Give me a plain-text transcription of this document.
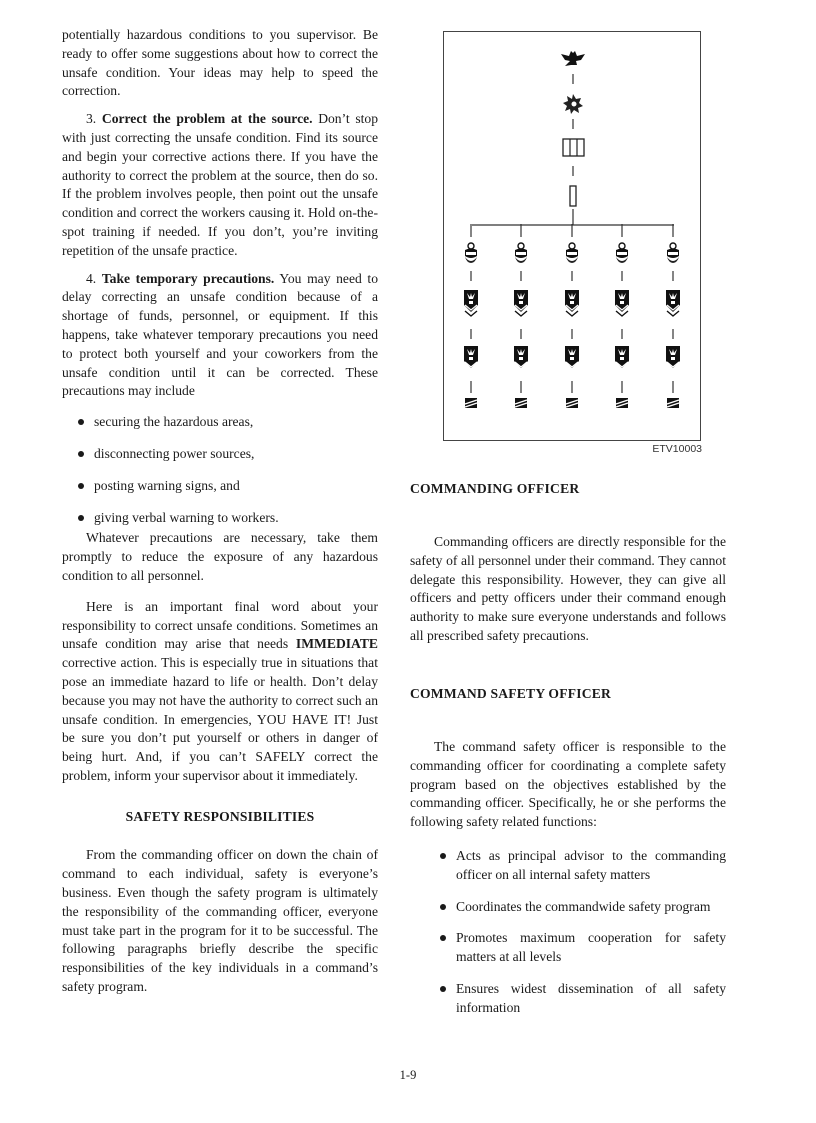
potentially hazardous conditions to you supervisor. Be ready to offer some suggestions about how to correct the unsafe condition. Your ideas may help to speed the correction.

3. Correct the problem at the source. Don’t stop with just correcting the unsafe condition. Find its source and begin your corrective actions there. If you have the authority to correct the problem at the source, then do so. If the problem involves people, then point out the unsafe condition and correct the workers causing it. Hold on-the-spot training if needed. If you don’t, you’re inviting repetition of the unsafe practice.

4. Take temporary precautions. You may need to delay correcting an unsafe condition because of a shortage of funds, personnel, or equipment. If this happens, take whatever temporary precautions you need to protect both yourself and your coworkers from the unsafe condition until it can be corrected. These precautions may include

securing the hazardous areas,
disconnecting power sources,
posting warning signs, and
giving verbal warning to workers.

Whatever precautions are necessary, take them promptly to reduce the exposure of any hazardous condition to all personnel.

Here is an important final word about your responsibility to correct unsafe conditions. Sometimes an unsafe condition may arise that needs IMMEDIATE corrective action. This is especially true in situations that pose an immediate hazard to life or health. Don’t delay because you may not have the authority to correct such an unsafe condition. In emergencies, YOU HAVE IT! Just be sure you don’t put yourself or others in danger of being hurt. And, if you can’t SAFELY correct the problem, inform your supervisor about it immediately.

SAFETY RESPONSIBILITIES

From the commanding officer on down the chain of command to each individual, safety is everyone’s business. Even though the safety program is ultimately the responsibility of the commanding officer, everyone must take part in the program for it to be successful. The following paragraphs briefly describe the specific responsibilities of the key individuals in a command’s safety program.

ETV10003
COMMANDING OFFICER

Commanding officers are directly responsible for the safety of all personnel under their command. They cannot delegate this responsibility. However, they can give all officers and petty officers under their command enough authority to make sure everyone understands and follows all prescribed safety precautions.

COMMAND SAFETY OFFICER

The command safety officer is responsible to the commanding officer for coordinating a complete safety program based on the objectives established by the commanding officer. Specifically, he or she performs the following safety related functions:

Acts as principal advisor to the commanding officer on all internal safety matters
Coordinates the commandwide safety program
Promotes maximum cooperation for safety matters at all levels
Ensures widest dissemination of all safety information
1-9
